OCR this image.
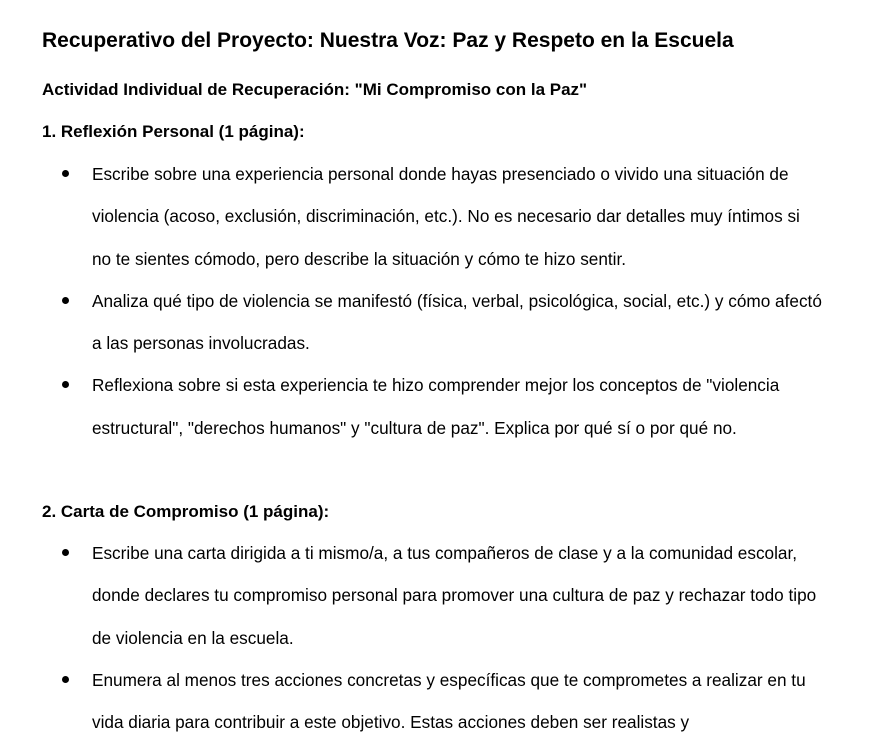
Recuperativo del Proyecto: Nuestra Voz: Paz y Respeto en la Escuela
Actividad Individual de Recuperación: "Mi Compromiso con la Paz"
1. Reflexión Personal (1 página):
Escribe sobre una experiencia personal donde hayas presenciado o vivido una situación de violencia (acoso, exclusión, discriminación, etc.). No es necesario dar detalles muy íntimos si no te sientes cómodo, pero describe la situación y cómo te hizo sentir.
Analiza qué tipo de violencia se manifestó (física, verbal, psicológica, social, etc.) y cómo afectó a las personas involucradas.
Reflexiona sobre si esta experiencia te hizo comprender mejor los conceptos de "violencia estructural", "derechos humanos" y "cultura de paz". Explica por qué sí o por qué no.
2. Carta de Compromiso (1 página):
Escribe una carta dirigida a ti mismo/a, a tus compañeros de clase y a la comunidad escolar, donde declares tu compromiso personal para promover una cultura de paz y rechazar todo tipo de violencia en la escuela.
Enumera al menos tres acciones concretas y específicas que te comprometes a realizar en tu vida diaria para contribuir a este objetivo. Estas acciones deben ser realistas y
